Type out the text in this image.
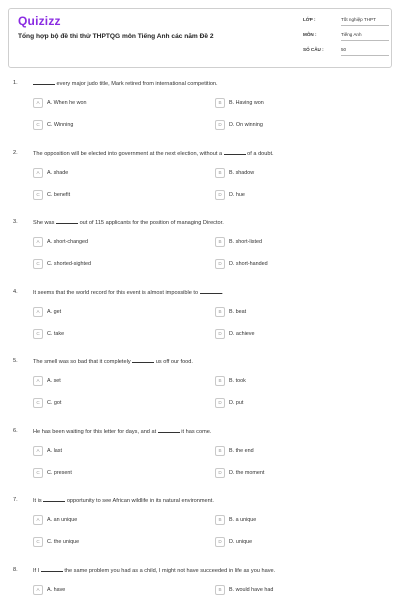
Quizizz
Tổng hợp bộ đề thi thử THPTQG môn Tiếng Anh các năm Đề 2
LỚP :	Tốt nghiệp THPT
MÔN :	Tiếng Anh
SỐ CÂU :	50
1.	every major judo title, Mark retired from international competition.
A	A. When he won	B	B. Having won
C	C. Winning	D	D. On winning
2.	The opposition will be elected into government at the next election, without a	of a doubt.
A	A. shade	B	B. shadow
C	C. benefit	D	D. hue
3.	She was	out of 115 applicants for the position of managing Director.
A	A. short-changed	B	B. short-listed
C	C. shorted-sighted	D	D. short-handed
4.	It seems that the world record for this event is almost impossible to	.
A	A. get	B	B. beat
C	C. take	D	D. achieve
5.	The smell was so bad that it completely	us off our food.
A	A. set	B	B. took
C	C. got	D	D. put
6.	He has been waiting for this letter for days, and at	it has come.
A	A. last	B	B. the end
C	C. present	D	D. the moment
7.	It is	opportunity to see African wildlife in its natural environment.
A	A. an unique	B	B. a unique
C	C. the unique	D	D. unique
8.	If I	the same problem you had as a child, I might not have succeeded in life as you have.
A	A. have	B	B. would have had
